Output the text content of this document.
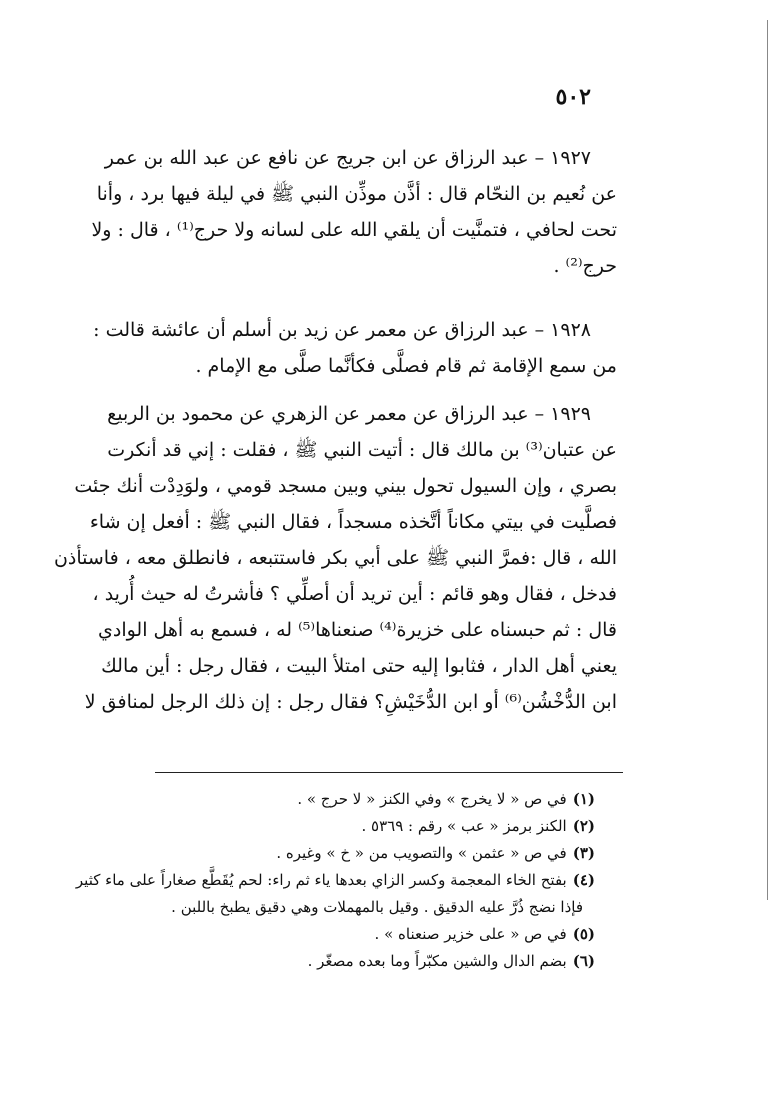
٥٠٢
١٩٢٧ – عبد الرزاق عن ابن جريج عن نافع عن عبد الله بن عمر
عن نُعيم بن النحّام قال : أذَّن موذِّن النبي ﷺ في ليلة فيها برد ، وأنا
تحت لحافي ، فتمنَّيت أن يلقي الله على لسانه ولا حرج⁽¹⁾ ، قال : ولا
حرج⁽²⁾ .
١٩٢٨ – عبد الرزاق عن معمر عن زيد بن أسلم أن عائشة قالت :
من سمع الإقامة ثم قام فصلَّى فكأنَّما صلَّى مع الإمام .
١٩٢٩ – عبد الرزاق عن معمر عن الزهري عن محمود بن الربيع
عن عتبان⁽³⁾ بن مالك قال : أتيت النبي ﷺ ، فقلت : إني قد أنكرت
بصري ، وإن السيول تحول بيني وبين مسجد قومي ، ولوَدِدْت أنك جئت
فصلَّيت في بيتي مكاناً أتَّخذه مسجداً ، فقال النبي ﷺ : أفعل إن شاء
الله ، قال :فمرَّ النبي ﷺ على أبي بكر فاستتبعه ، فانطلق معه ، فاستأذن
فدخل ، فقال وهو قائم : أين تريد أن أصلِّي ؟ فأشرتُ له حيث أُريد ،
قال : ثم حبسناه على خزيرة⁽⁴⁾ صنعناها⁽⁵⁾ له ، فسمع به أهل الوادي
يعني أهل الدار ، فثابوا إليه حتى امتلأ البيت ، فقال رجل : أين مالك
ابن الدُّخْشُن⁽⁶⁾ أو ابن الدُّخَيْشِ؟ فقال رجل : إن ذلك الرجل لمنافق لا
(١)في ص « لا يخرج » وفي الكنز « لا حرج » .
(٢)الكنز برمز « عب » رقم : ٥٣٦٩ .
(٣)في ص « عثمن » والتصويب من « خ » وغيره .
(٤)بفتح الخاء المعجمة وكسر الزاي بعدها ياء ثم راء: لحم يُقَطَّع صغاراً على ماء كثير
فإذا نضج ذُرَّ عليه الدقيق . وقيل بالمهملات وهي دقيق يطبخ باللبن .
(٥)في ص « على خزير صنعناه » .
(٦)بضم الدال والشين مكبّراً وما بعده مصغّر .
